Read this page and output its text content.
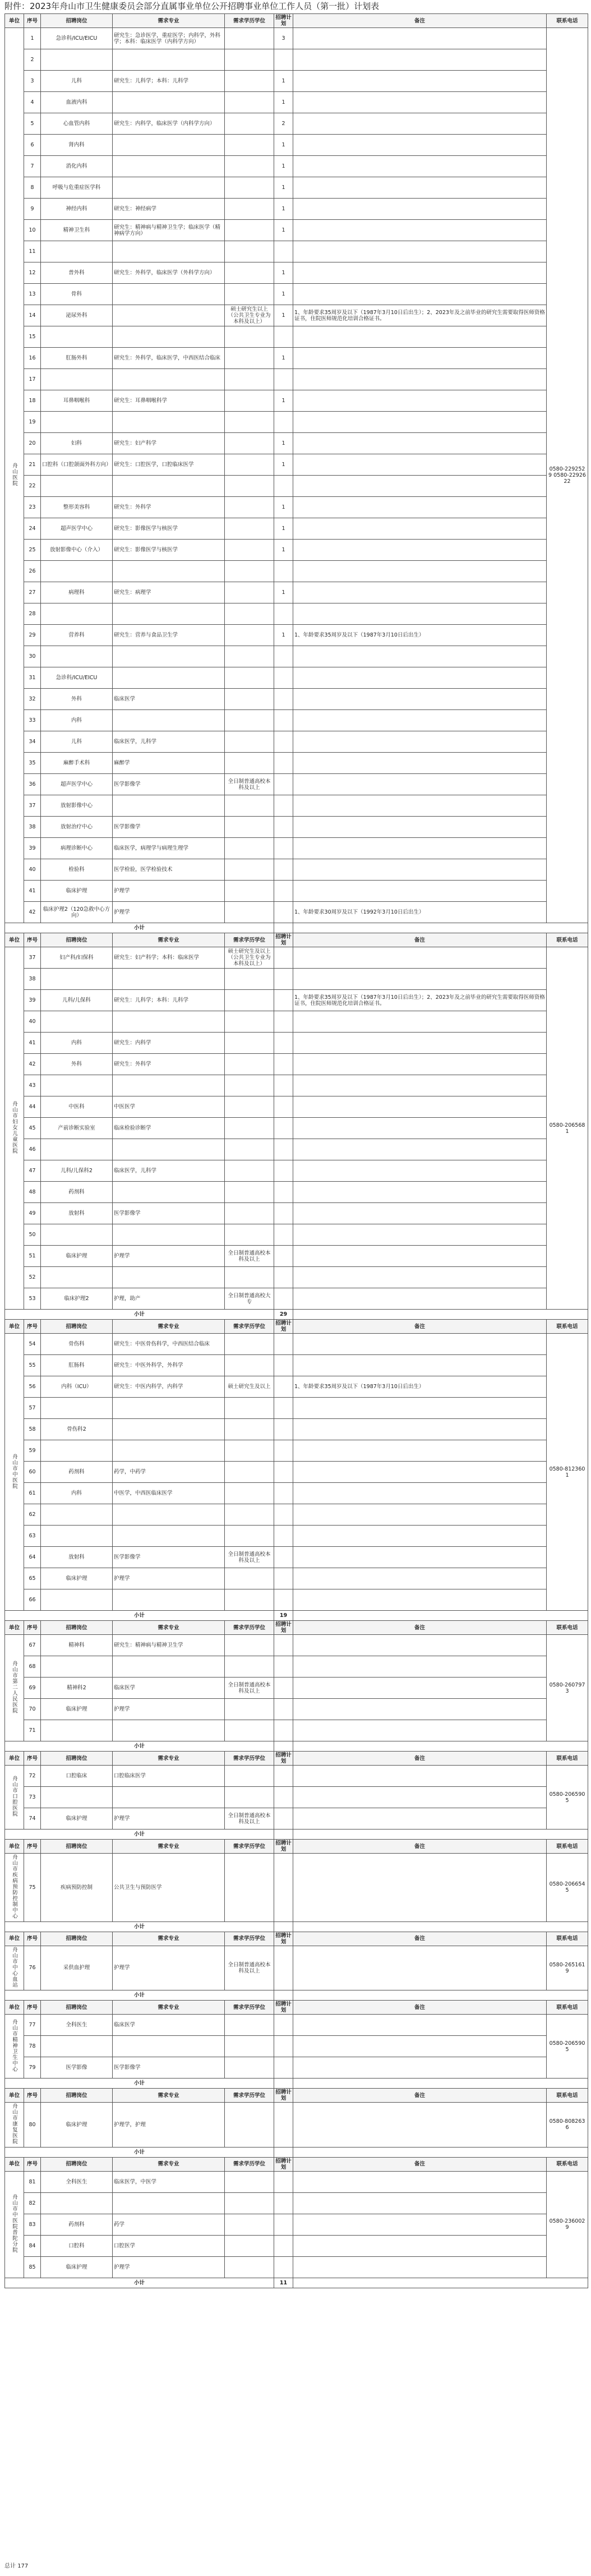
附件：2023年舟山市卫生健康委员会部分直属事业单位公开招聘事业单位工作人员（第一批）计划表
单位	序号	招聘岗位	需求专业	需求学历学位	招聘计划	备注	联系电话
舟山医院	1	急诊科/ICU/EICU	研究生：急诊医学，重症医学；内科学，外科学；本科：临床医学（内科学方向）		3		0580-2292529 0580-2292622
	2						
	3	儿科	研究生：儿科学；本科：儿科学		1		
	4	血液内科			1		
	5	心血管内科	研究生：内科学，临床医学（内科学方向）		2		
	6	肾内科			1		
	7	消化内科			1		
	8	呼吸与危重症医学科			1		
	9	神经内科	研究生：神经病学		1		
	10	精神卫生科	研究生：精神病与精神卫生学；临床医学（精神病学方向）		1		
	11						
	12	普外科	研究生：外科学，临床医学（外科学方向）		1		
	13	骨科			1		
	14	泌尿外科		硕士研究生以上（公共卫生专业为本科及以上）	1	1、年龄要求35周岁及以下（1987年3月10日后出生）；2、2023年及之前毕业的研究生需要取得医师资格证书，住院医师规范化培训合格证书。	
	15						
	16	肛肠外科	研究生：外科学，临床医学，中西医结合临床		1		
	17						
	18	耳鼻咽喉科	研究生：耳鼻咽喉科学		1		
	19						
	20	妇科	研究生：妇产科学		1		
	21	口腔科（口腔颌面外科方向）	研究生：口腔医学，口腔临床医学		1		
	22						
	23	整形美容科	研究生：外科学		1		
	24	超声医学中心	研究生：影像医学与核医学		1		
	25	放射影像中心（介入）	研究生：影像医学与核医学		1		
	26						
	27	病理科	研究生：病理学		1		
	28						
	29	营养科	研究生：营养与食品卫生学		1	1、年龄要求35周岁及以下（1987年3月10日后出生）	
	30						
	31	急诊科/ICU/EICU					
	32	外科	临床医学				
	33	内科					
	34	儿科	临床医学，儿科学				
	35	麻醉手术科	麻醉学				
	36	超声医学中心	医学影像学	全日制普通高校本科及以上			
	37	放射影像中心					
	38	放射治疗中心	医学影像学				
	39	病理诊断中心	临床医学，病理学与病理生理学				
	40	检验科	医学检验，医学检验技术				
	41	临床护理	护理学				
	42	临床护理2（120急救中心方向）	护理学			1、年龄要求30周岁及以下（1992年3月10日后出生）	
小计							
单位	序号	招聘岗位	需求专业	需求学历学位	招聘计划	备注	联系电话
舟山市妇女儿童医院	37	妇产科/妇保科	研究生：妇产科学；本科：临床医学	硕士研究生及以上（公共卫生专业为本科及以上）			0580-2065681
	38						
	39	儿科/儿保科	研究生：儿科学；本科：儿科学			1、年龄要求35周岁及以下（1987年3月10日后出生）；2、2023年及之前毕业的研究生需要取得医师资格证书，住院医师规范化培训合格证书。	
	40						
	41	内科	研究生：内科学				
	42	外科	研究生：外科学				
	43						
	44	中医科	中医医学				
	45	产前诊断实验室	临床检验诊断学				
	46						
	47	儿科/儿保科2	临床医学，儿科学				
	48	药剂科					
	49	放射科	医学影像学				
	50						
	51	临床护理	护理学	全日制普通高校本科及以上			
	52						
	53	临床护理2	护理，助产	全日制普通高校大专			
小计					29		
单位	序号	招聘岗位	需求专业	需求学历学位	招聘计划	备注	联系电话
舟山市中医院	54	骨伤科	研究生：中医骨伤科学，中西医结合临床				0580-8123601
	55	肛肠科	研究生：中医外科学，外科学				
	56	内科（ICU）	研究生：中医内科学，内科学	硕士研究生及以上		1、年龄要求35周岁及以下（1987年3月10日后出生）	
	57						
	58	骨伤科2					
	59						
	60	药剂科	药学，中药学				
	61	内科	中医学，中西医临床医学				
	62						
	63						
	64	放射科	医学影像学	全日制普通高校本科及以上			
	65	临床护理	护理学				
	66						
小计					19		
单位	序号	招聘岗位	需求专业	需求学历学位	招聘计划	备注	联系电话
舟山市第二人民医院	67	精神科	研究生：精神病与精神卫生学				0580-2607973
	68						
	69	精神科2	临床医学	全日制普通高校本科及以上			
	70	临床护理	护理学				
	71						
小计							
单位	序号	招聘岗位	需求专业	需求学历学位	招聘计划	备注	联系电话
舟山市口腔医院	72	口腔临床	口腔临床医学				0580-2065905
	73						
	74	临床护理	护理学	全日制普通高校本科及以上			
小计							
单位	序号	招聘岗位	需求专业	需求学历学位	招聘计划	备注	联系电话
舟山市疾病预防控制中心	75	疾病预防控制	公共卫生与预防医学				0580-2066545
小计							
单位	序号	招聘岗位	需求专业	需求学历学位	招聘计划	备注	联系电话
舟山市中心血站	76	采供血护理	护理学	全日制普通高校本科及以上			0580-2651619
小计							
单位	序号	招聘岗位	需求专业	需求学历学位	招聘计划	备注	联系电话
舟山市精神卫生中心	77	全科医生	临床医学				0580-2065905
	78						
	79	医学影像	医学影像学				
小计							
单位	序号	招聘岗位	需求专业	需求学历学位	招聘计划	备注	联系电话
舟山市康复医院	80	临床护理	护理学，护理				0580-8082636
小计							
单位	序号	招聘岗位	需求专业	需求学历学位	招聘计划	备注	联系电话
舟山市中医院普陀分院	81	全科医生	临床医学，中医学				0580-2360029
	82						
	83	药剂科	药学				
	84	口腔科	口腔医学				
	85	临床护理	护理学				
小计					11		
总计 177
